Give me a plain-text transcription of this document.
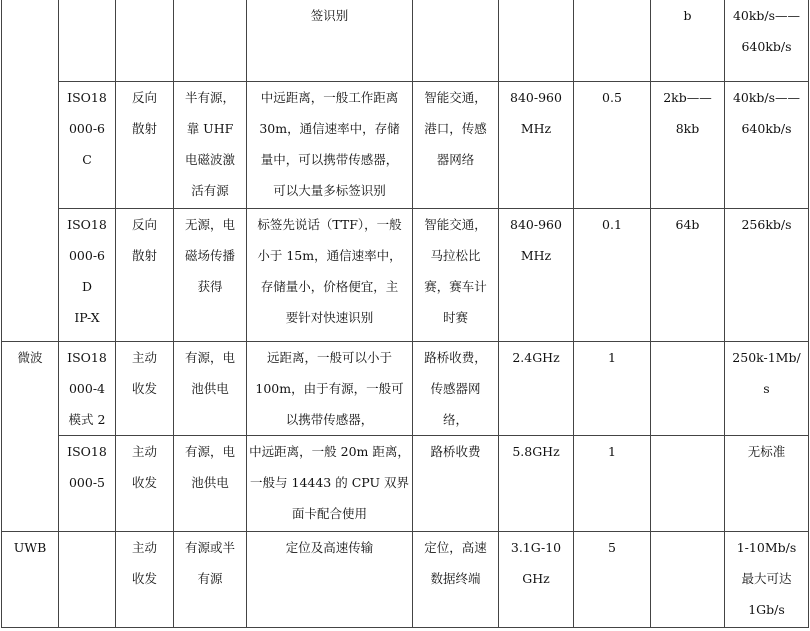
				签识别				b	40kb/s——
640kb/s

	ISO18
000-6
C	反向
散射	半有源，
靠 UHF
电磁波激
活有源	中远距离，一般工作距离
30m，通信速率中，存储
量中，可以携带传感器，
可以大量多标签识别	智能交通，
港口，传感
器网络	840-960
MHz	0.5	2kb——
8kb	40kb/s——
640kb/s

	ISO18
000-6
D
IP-X	反向
散射	无源，电
磁场传播
获得	标签先说话（TTF），一般
小于 15m，通信速率中，
存储量小，价格便宜，主
要针对快速识别	智能交通，
马拉松比
赛，赛车计
时赛	840-960
MHz	0.1	64b	256kb/s

微波	ISO18
000-4
模式 2	主动
收发	有源，电
池供电	远距离，一般可以小于
100m，由于有源，一般可
以携带传感器，	路桥收费，
传感器网
络，	2.4GHz	1		250k-1Mb/
s

	ISO18
000-5	主动
收发	有源，电
池供电	中远距离，一般 20m 距离，
一般与 14443 的 CPU 双界
面卡配合使用	路桥收费	5.8GHz	1		无标准

UWB		主动
收发	有源或半
有源	定位及高速传输	定位，高速
数据终端	3.1G-10
GHz	5		1-10Mb/s
最大可达
1Gb/s
